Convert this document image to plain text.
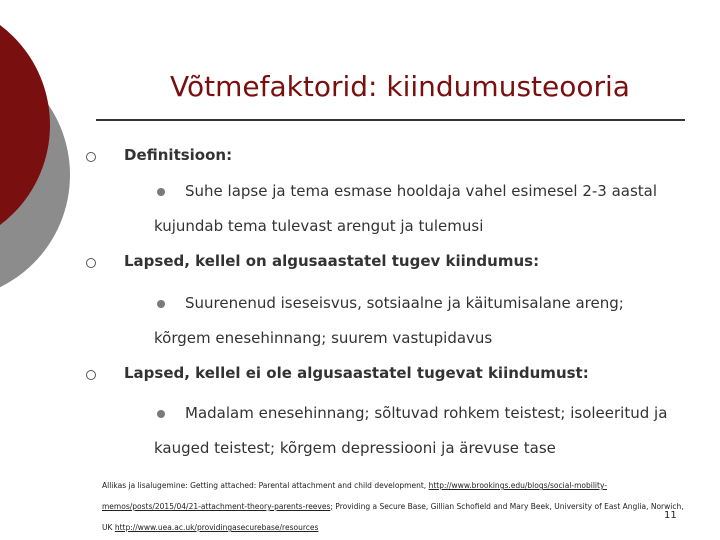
Võtmefaktorid: kiindumusteooria
Definitsioon:
Suhe lapse ja tema esmase hooldaja vahel esimesel 2-3 aastal kujundab tema tulevast arengut ja tulemusi
Lapsed, kellel on algusaastatel tugev kiindumus:
Suurenenud iseseisvus, sotsiaalne ja käitumisalane areng; kõrgem enesehinnang; suurem vastupidavus
Lapsed, kellel ei ole algusaastatel tugevat kiindumust:
Madalam enesehinnang; sõltuvad rohkem teistest; isoleeritud ja kauged teistest; kõrgem depressiooni ja ärevuse tase
Allikas ja lisalugemine: Getting attached: Parental attachment and child development, http://www.brookings.edu/blogs/social-mobility-memos/posts/2015/04/21-attachment-theory-parents-reeves; Providing a Secure Base, Gillian Schofield and Mary Beek, University of East Anglia, Norwich, UK http://www.uea.ac.uk/providingasecurebase/resources
11
